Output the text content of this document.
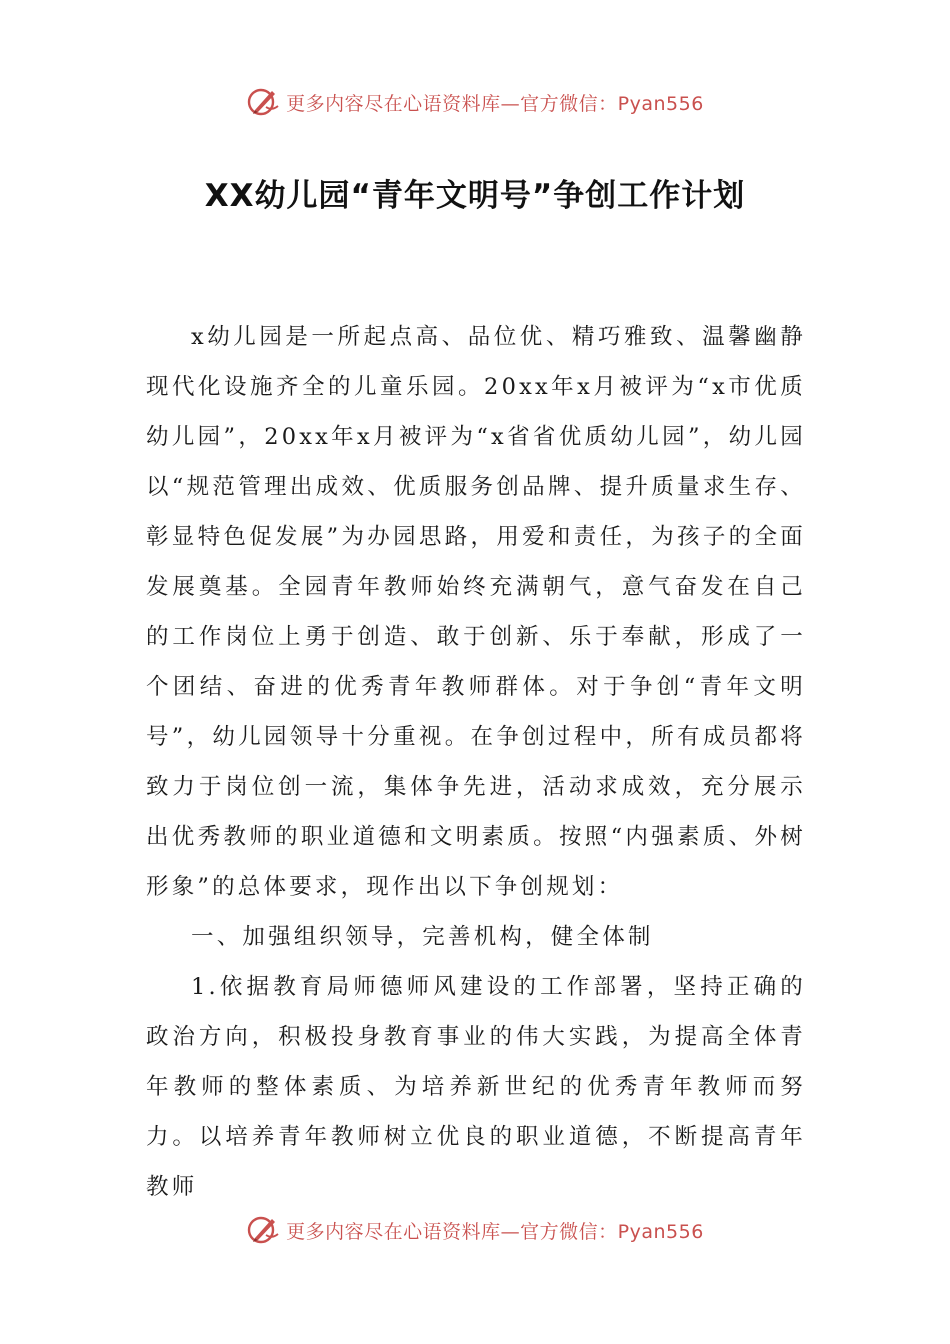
更多内容尽在心语资料库—官方微信：Pyan556
XX幼儿园“青年文明号”争创工作计划

x幼儿园是一所起点高、品位优、精巧雅致、温馨幽静现代化设施齐全的儿童乐园。20xx年x月被评为“x市优质幼儿园”，20xx年x月被评为“x省省优质幼儿园”，幼儿园以“规范管理出成效、优质服务创品牌、提升质量求生存、彰显特色促发展”为办园思路，用爱和责任，为孩子的全面发展奠基。全园青年教师始终充满朝气，意气奋发在自己的工作岗位上勇于创造、敢于创新、乐于奉献，形成了一个团结、奋进的优秀青年教师群体。对于争创“青年文明号”，幼儿园领导十分重视。在争创过程中，所有成员都将致力于岗位创一流，集体争先进，活动求成效，充分展示出优秀教师的职业道德和文明素质。按照“内强素质、外树形象”的总体要求，现作出以下争创规划：

一、加强组织领导，完善机构，健全体制

1.依据教育局师德师风建设的工作部署，坚持正确的政治方向，积极投身教育事业的伟大实践，为提高全体青年教师的整体素质、为培养新世纪的优秀青年教师而努力。以培养青年教师树立优良的职业道德，不断提高青年教师

更多内容尽在心语资料库—官方微信：Pyan556
